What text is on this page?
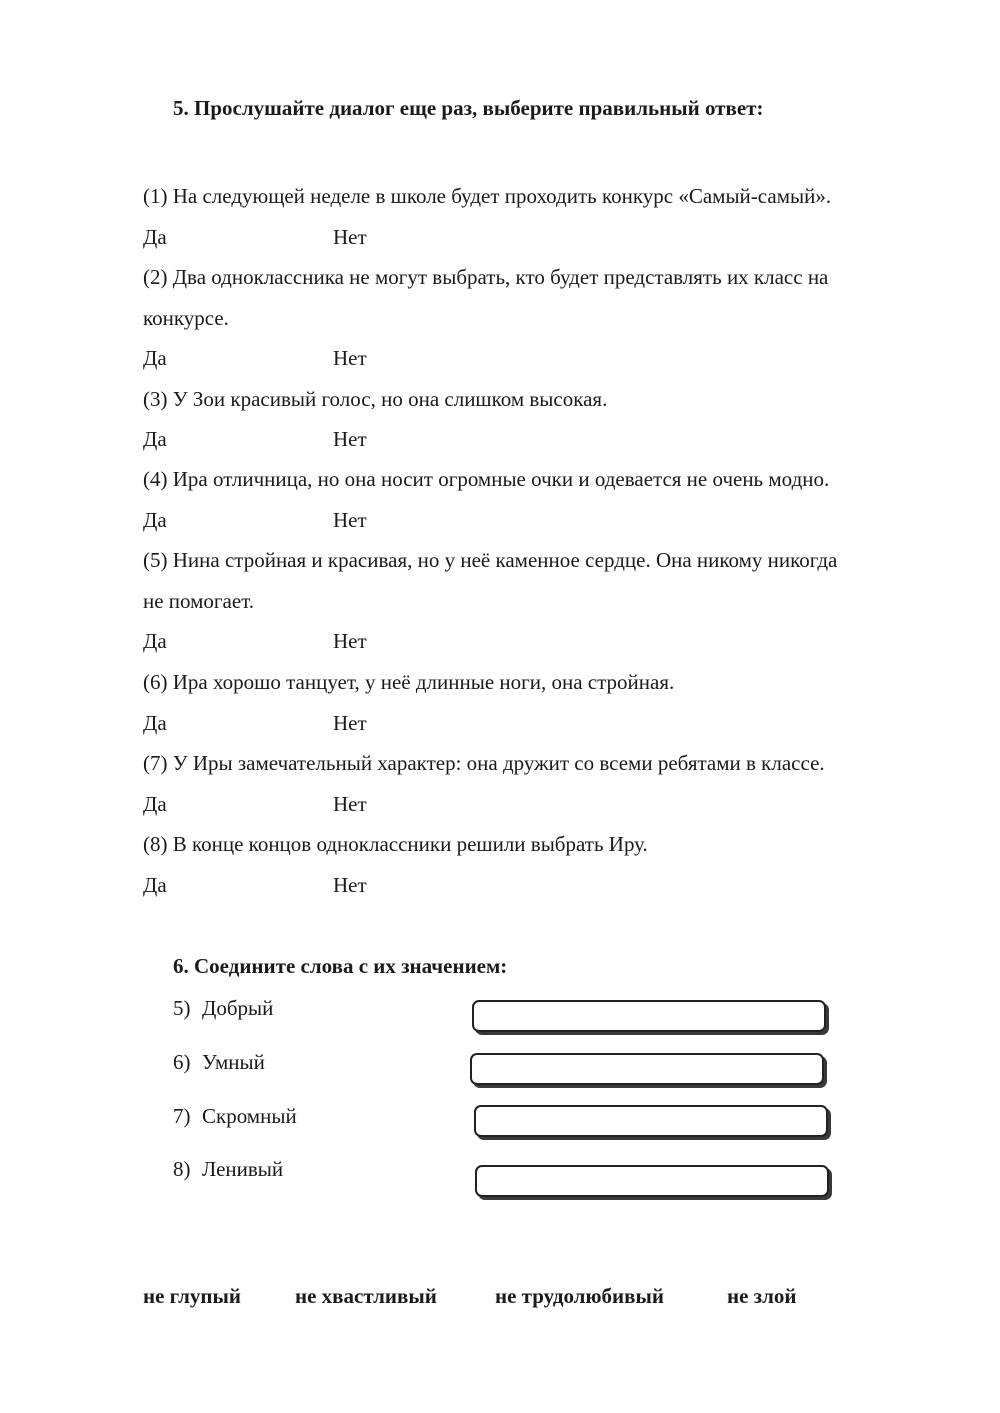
5. Прослушайте диалог еще раз, выберите правильный ответ:
(1) На следующей неделе в школе будет проходить конкурс «Самый-самый».
Да	Нет
(2) Два одноклассника не могут выбрать, кто будет представлять их класс на
конкурсе.
Да	Нет
(3) У Зои красивый голос, но она слишком высокая.
Да	Нет
(4) Ира отличница, но она носит огромные очки и одевается не очень модно.
Да	Нет
(5) Нина стройная и красивая, но у неё каменное сердце. Она никому никогда
не помогает.
Да	Нет
(6) Ира хорошо танцует, у неё длинные ноги, она стройная.
Да	Нет
(7) У Иры замечательный характер: она дружит со всеми ребятами в классе.
Да	Нет
(8) В конце концов одноклассники решили выбрать Иру.
Да	Нет
6. Соедините слова с их значением:
5) Добрый
6) Умный
7) Скромный
8) Ленивый
не глупый	не хвастливый	не трудолюбивый	не злой
